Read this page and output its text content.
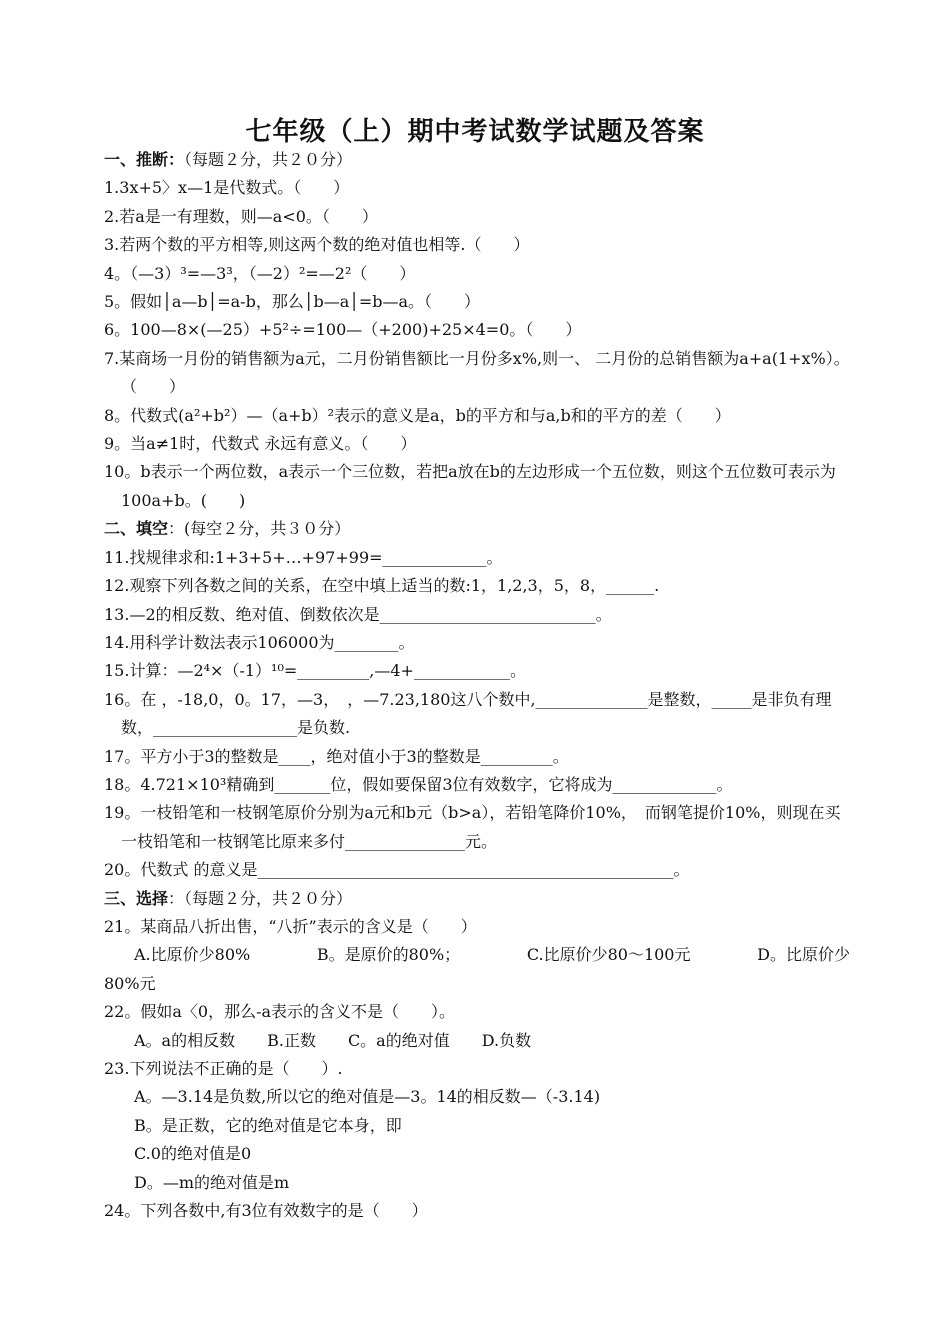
七年级（上）期中考试数学试题及答案
一、推断：（每题２分，共２０分）
1.3x+5〉x—1是代数式。（　　）
2.若a是一有理数，则—a<0。（　　）
3.若两个数的平方相等,则这两个数的绝对值也相等.（　　）
4。（—3）³=—3³，（—2）²=—2²（　　）
5。假如│a—b│=a-b，那么│b—a│=b—a。（　　）
6。100—8×(—25）+5²÷=100—（+200)+25×4=0。（　　）
7.某商场一月份的销售额为a元，二月份销售额比一月份多x%,则一、 二月份的总销售额为a+a(1+x%）。（　　）
8。代数式(a²+b²）—（a+b）²表示的意义是a，b的平方和与a,b和的平方的差（　　）
9。当a≠1时，代数式 永远有意义。（　　）
10。b表示一个两位数，a表示一个三位数，若把a放在b的左边形成一个五位数，则这个五位数可表示为100a+b。(　　)
二、填空：(每空２分，共３０分）
11.找规律求和:1+3+5+…+97+99=_____________。
12.观察下列各数之间的关系，在空中填上适当的数:1，1,2,3，5，8，______.
13.—2的相反数、绝对值、倒数依次是___________________________。
14.用科学计数法表示106000为________。
15.计算：—2⁴×（-1）¹⁰=_________,—4+____________。
16。在 ，-18,0，0。17，—3，　，—7.23,180这八个数中,______________是整数，_____是非负有理数，__________________是负数.
17。平方小于3的整数是____，绝对值小于3的整数是_________。
18。4.721×10³精确到_______位，假如要保留3位有效数字，它将成为_____________。
19。一枝铅笔和一枝钢笔原价分别为a元和b元（b>a），若铅笔降价10%，　而钢笔提价10%，则现在买一枝铅笔和一枝钢笔比原来多付_______________元。
20。代数式 的意义是____________________________________________________。
三、选择：（每题２分，共２０分）
21。某商品八折出售，“八折”表示的含义是（　　）
A.比原价少80%	B。是原价的80%；	C.比原价少80～100元	D。比原价少
80%元
22。假如a〈0，那么-a表示的含义不是（　　）。
A。a的相反数　　B.正数　　C。a的绝对值　　D.负数
23.下列说法不正确的是（　　）.
A。—3.14是负数,所以它的绝对值是—3。14的相反数—（-3.14)
B。是正数，它的绝对值是它本身，即
C.0的绝对值是0
D。—m的绝对值是m
24。下列各数中,有3位有效数字的是（　　）
